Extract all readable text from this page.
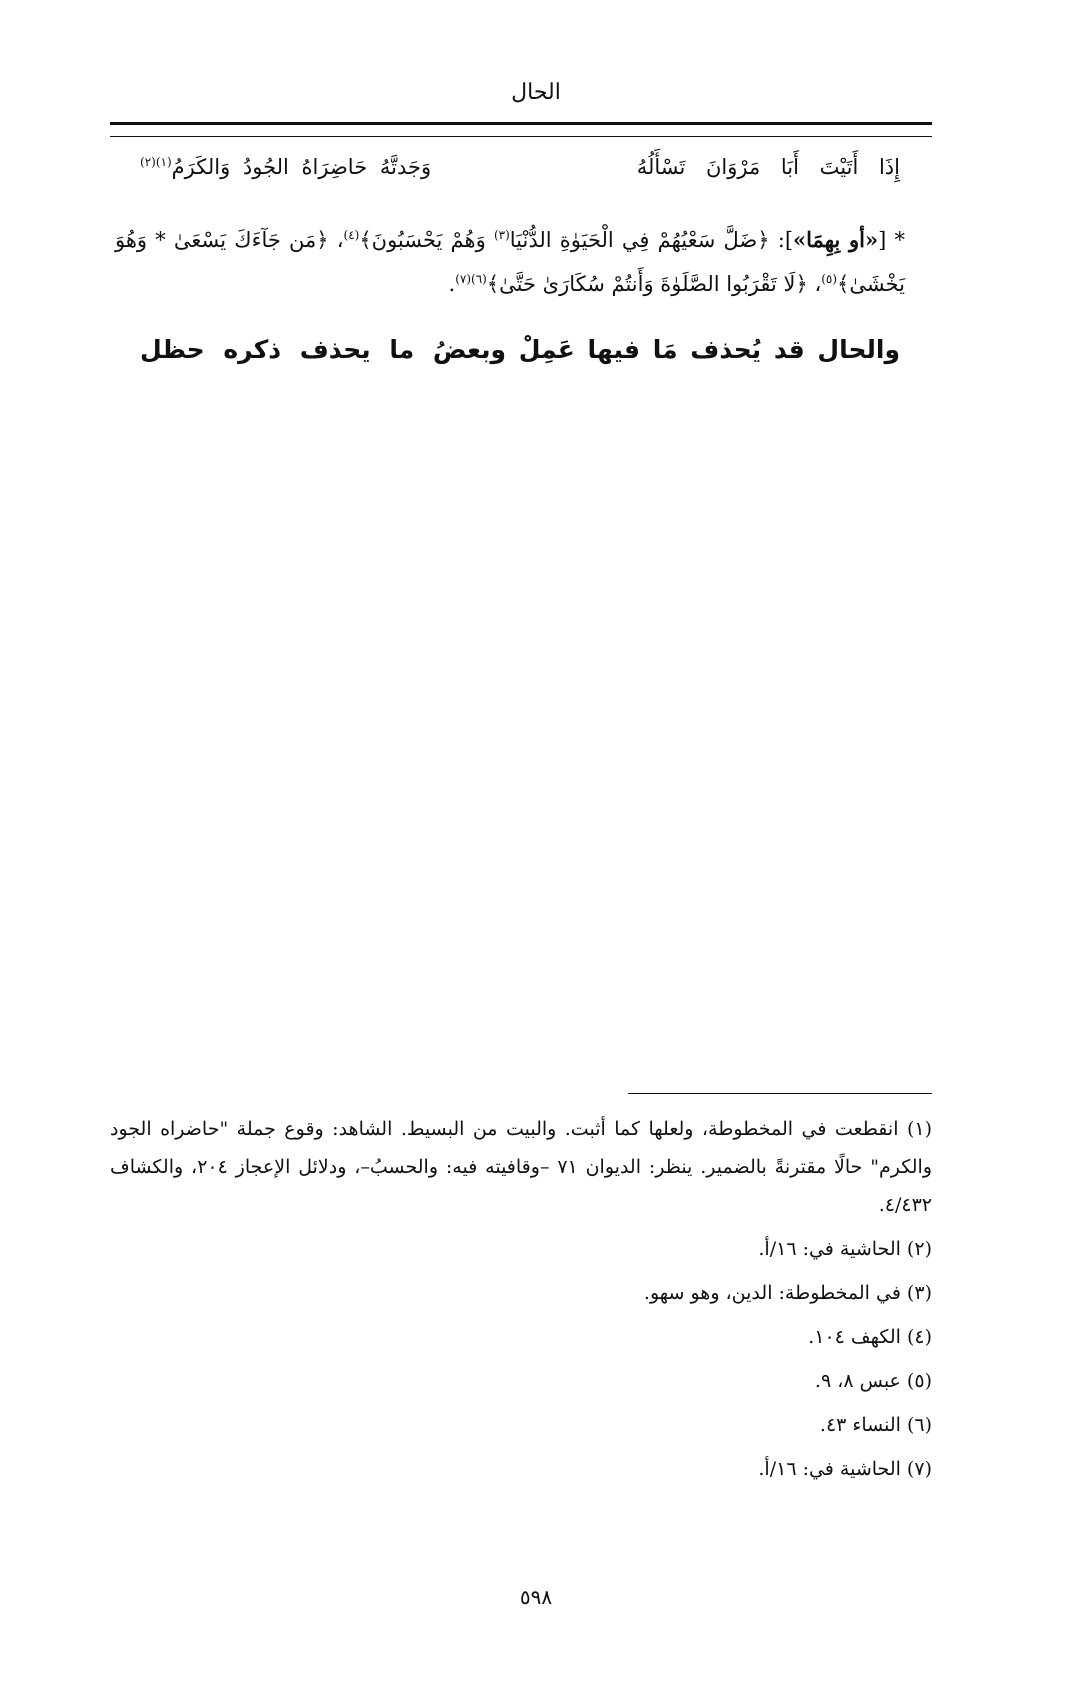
الحال
إِذَا أَتَيْتَ أَبَا مَرْوَانَ تَسْأَلُهُ
وَجَدتَّهُ حَاضِرَاهُ الجُودُ وَالكَرَمُ$^{(١)(٢)}$
* [«أو بِهِمَا»]: ﴿ضَلَّ سَعْيُهُمْ فِي الْحَيَوٰةِ الدُّنْيَا$^{(٣)}$ وَهُمْ يَحْسَبُونَ﴾$^{(٤)}$، ﴿مَن جَآءَكَ يَسْعَىٰ * وَهُوَ يَخْشَىٰ﴾$^{(٥)}$، ﴿لَا تَقْرَبُوا الصَّلَوٰةَ وَأَنتُمْ سُكَارَىٰ حَتَّىٰ﴾$^{(٦)(٧)}$.
والحال قد يُحذف مَا فيها عَمِلْ
وبعضُ ما يحذف ذكره حظل

(١) انقطعت في المخطوطة، ولعلها كما أثبت. والبيت من البسيط. الشاهد: وقوع جملة "حاضراه الجود والكرم" حالًا مقترنةً بالضمير. ينظر: الديوان ٧١ –وقافيته فيه: والحسبُ–، ودلائل الإعجاز ٢٠٤، والكشاف ٤/٤٣٢.

(٢) الحاشية في: ١٦/أ.

(٣) في المخطوطة: الدين، وهو سهو.

(٤) الكهف ١٠٤.

(٥) عبس ٨، ٩.

(٦) النساء ٤٣.

(٧) الحاشية في: ١٦/أ.

٥٩٨
